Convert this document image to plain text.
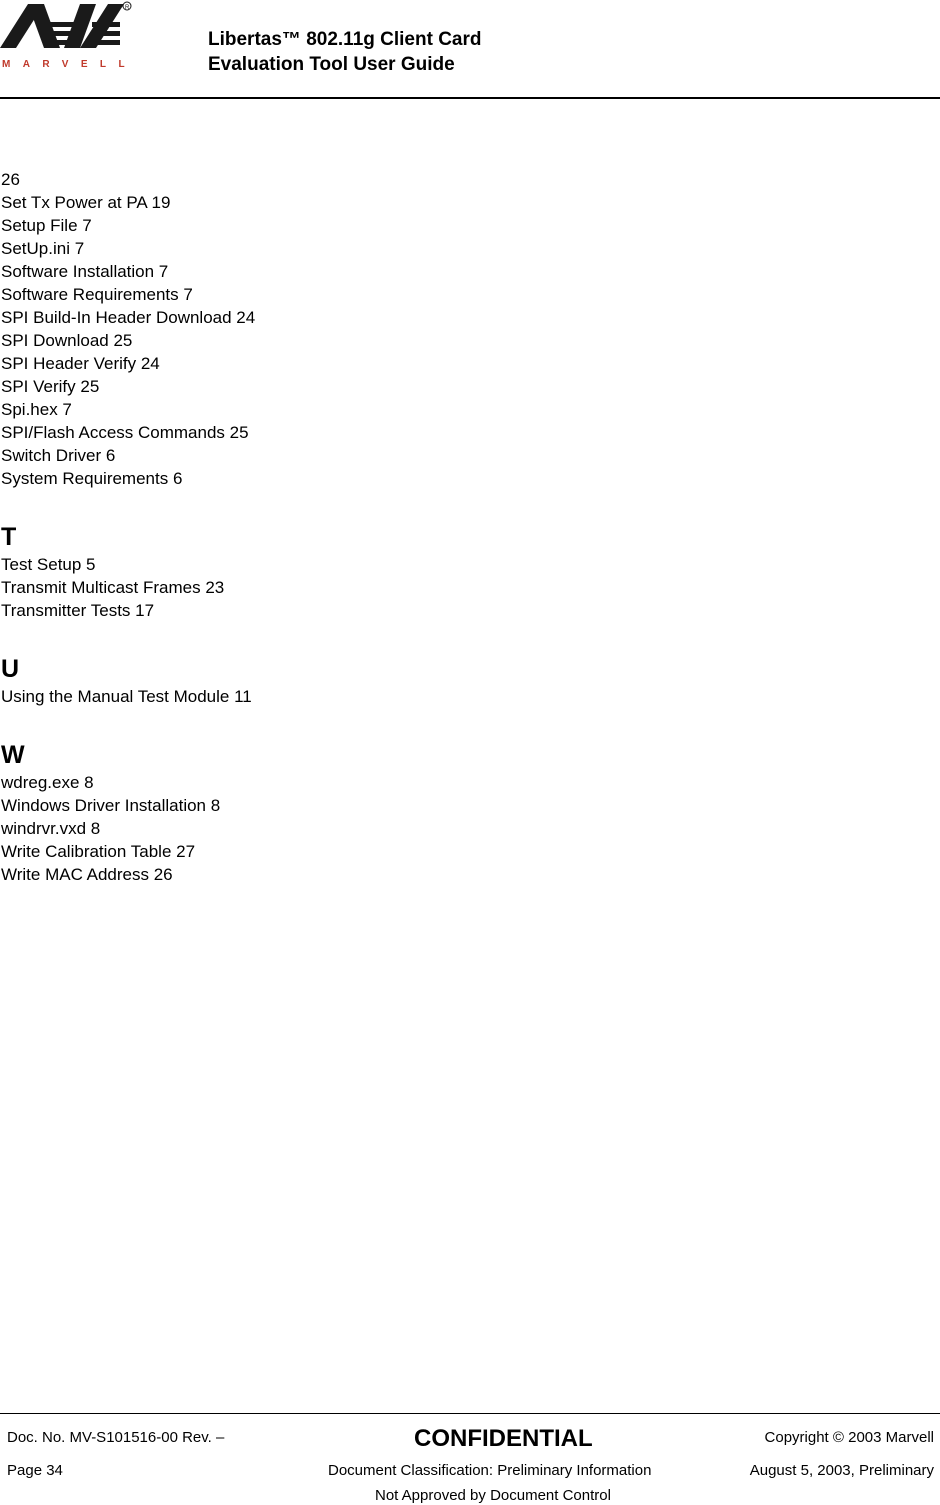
R
MARVELL
Libertas™ 802.11g Client Card
Evaluation Tool User Guide
26
Set Tx Power at PA 19
Setup File 7
SetUp.ini 7
Software Installation 7
Software Requirements 7
SPI Build-In Header Download 24
SPI Download 25
SPI Header Verify 24
SPI Verify 25
Spi.hex 7
SPI/Flash Access Commands 25
Switch Driver 6
System Requirements 6
T
Test Setup 5
Transmit Multicast Frames 23
Transmitter Tests 17
U
Using the Manual Test Module 11
W
wdreg.exe 8
Windows Driver Installation 8
windrvr.vxd 8
Write Calibration Table 27
Write MAC Address 26
Doc. No. MV-S101516-00 Rev. –	CONFIDENTIAL	Copyright © 2003 Marvell
Page 34	Document Classification: Preliminary Information	August 5, 2003, Preliminary
Not Approved by Document Control
